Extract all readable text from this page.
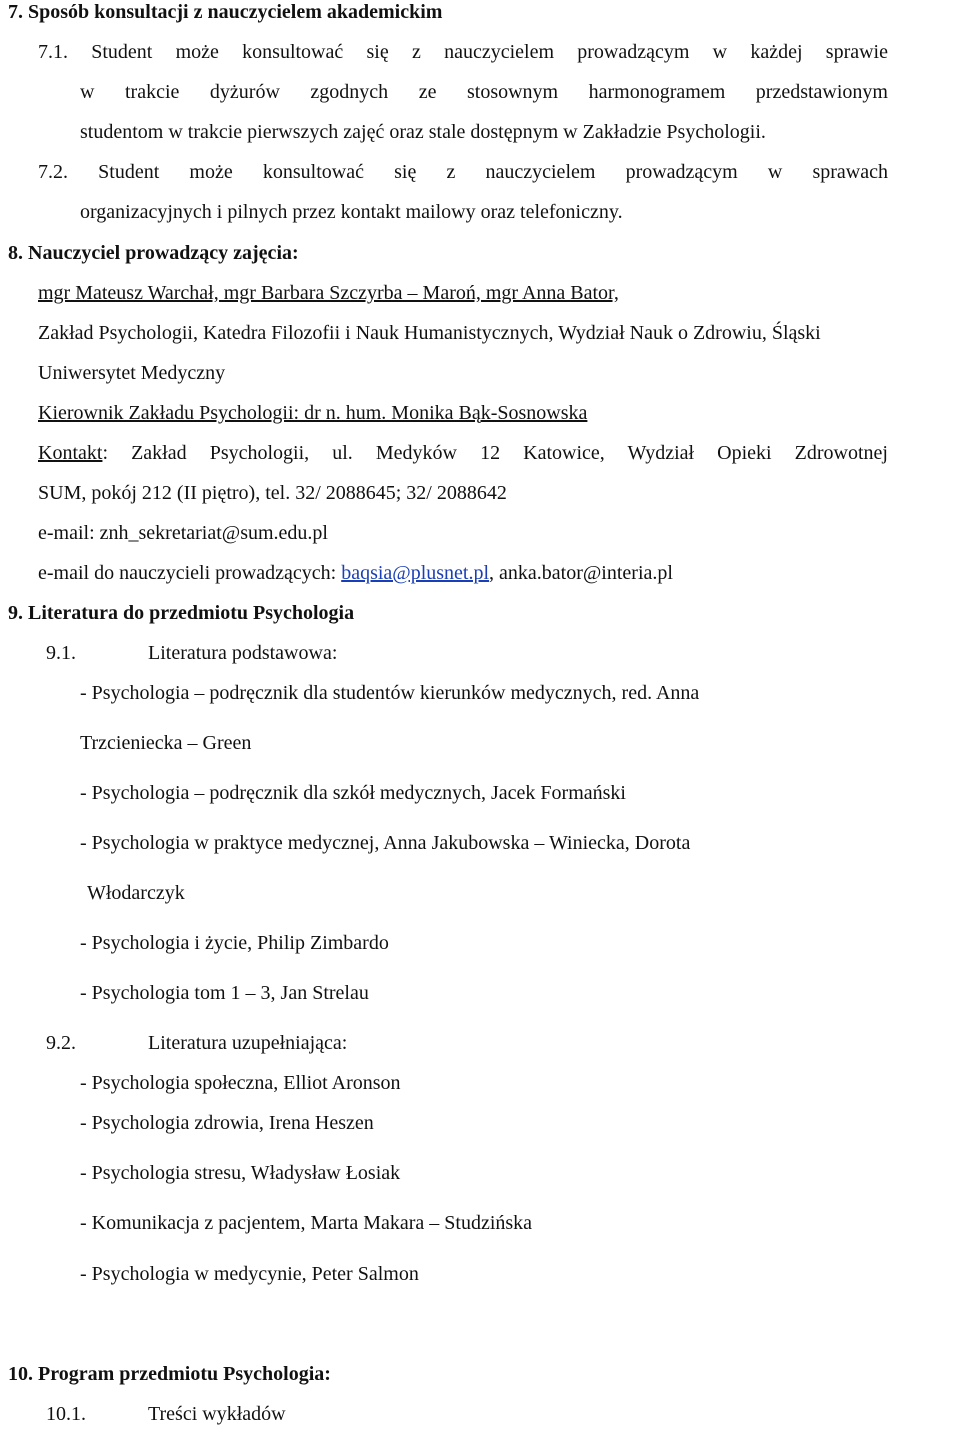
7. Sposób konsultacji z nauczycielem akademickim
7.1. Student może konsultować się z nauczycielem prowadzącym w każdej sprawie
w trakcie dyżurów zgodnych ze stosownym harmonogramem przedstawionym
studentom w trakcie pierwszych zajęć oraz stale dostępnym w Zakładzie Psychologii.
7.2. Student może konsultować się z nauczycielem prowadzącym w sprawach
organizacyjnych i pilnych przez kontakt mailowy oraz telefoniczny.
8. Nauczyciel prowadzący zajęcia:
mgr Mateusz Warchał, mgr Barbara Szczyrba – Maroń, mgr Anna Bator,
Zakład Psychologii, Katedra Filozofii i Nauk Humanistycznych, Wydział Nauk o Zdrowiu, Śląski
Uniwersytet Medyczny
Kierownik Zakładu Psychologii: dr n. hum. Monika Bąk-Sosnowska
Kontakt: Zakład Psychologii, ul. Medyków 12 Katowice, Wydział Opieki Zdrowotnej
SUM, pokój 212 (II piętro), tel. 32/ 2088645; 32/ 2088642
e-mail: znh_sekretariat@sum.edu.pl
e-mail do nauczycieli prowadzących: baqsia@plusnet.pl, anka.bator@interia.pl
9. Literatura do przedmiotu Psychologia
9.1.	Literatura podstawowa:
- Psychologia – podręcznik dla studentów kierunków medycznych, red. Anna
Trzcieniecka – Green
- Psychologia – podręcznik dla szkół medycznych, Jacek Formański
- Psychologia w praktyce medycznej, Anna Jakubowska – Winiecka, Dorota
Włodarczyk
- Psychologia i życie, Philip Zimbardo
- Psychologia tom 1 – 3, Jan Strelau
9.2.	Literatura uzupełniająca:
- Psychologia społeczna, Elliot Aronson
- Psychologia zdrowia, Irena Heszen
- Psychologia stresu, Władysław Łosiak
- Komunikacja z pacjentem, Marta Makara – Studzińska
- Psychologia w medycynie, Peter Salmon
10. Program przedmiotu Psychologia:
10.1.	Treści wykładów
